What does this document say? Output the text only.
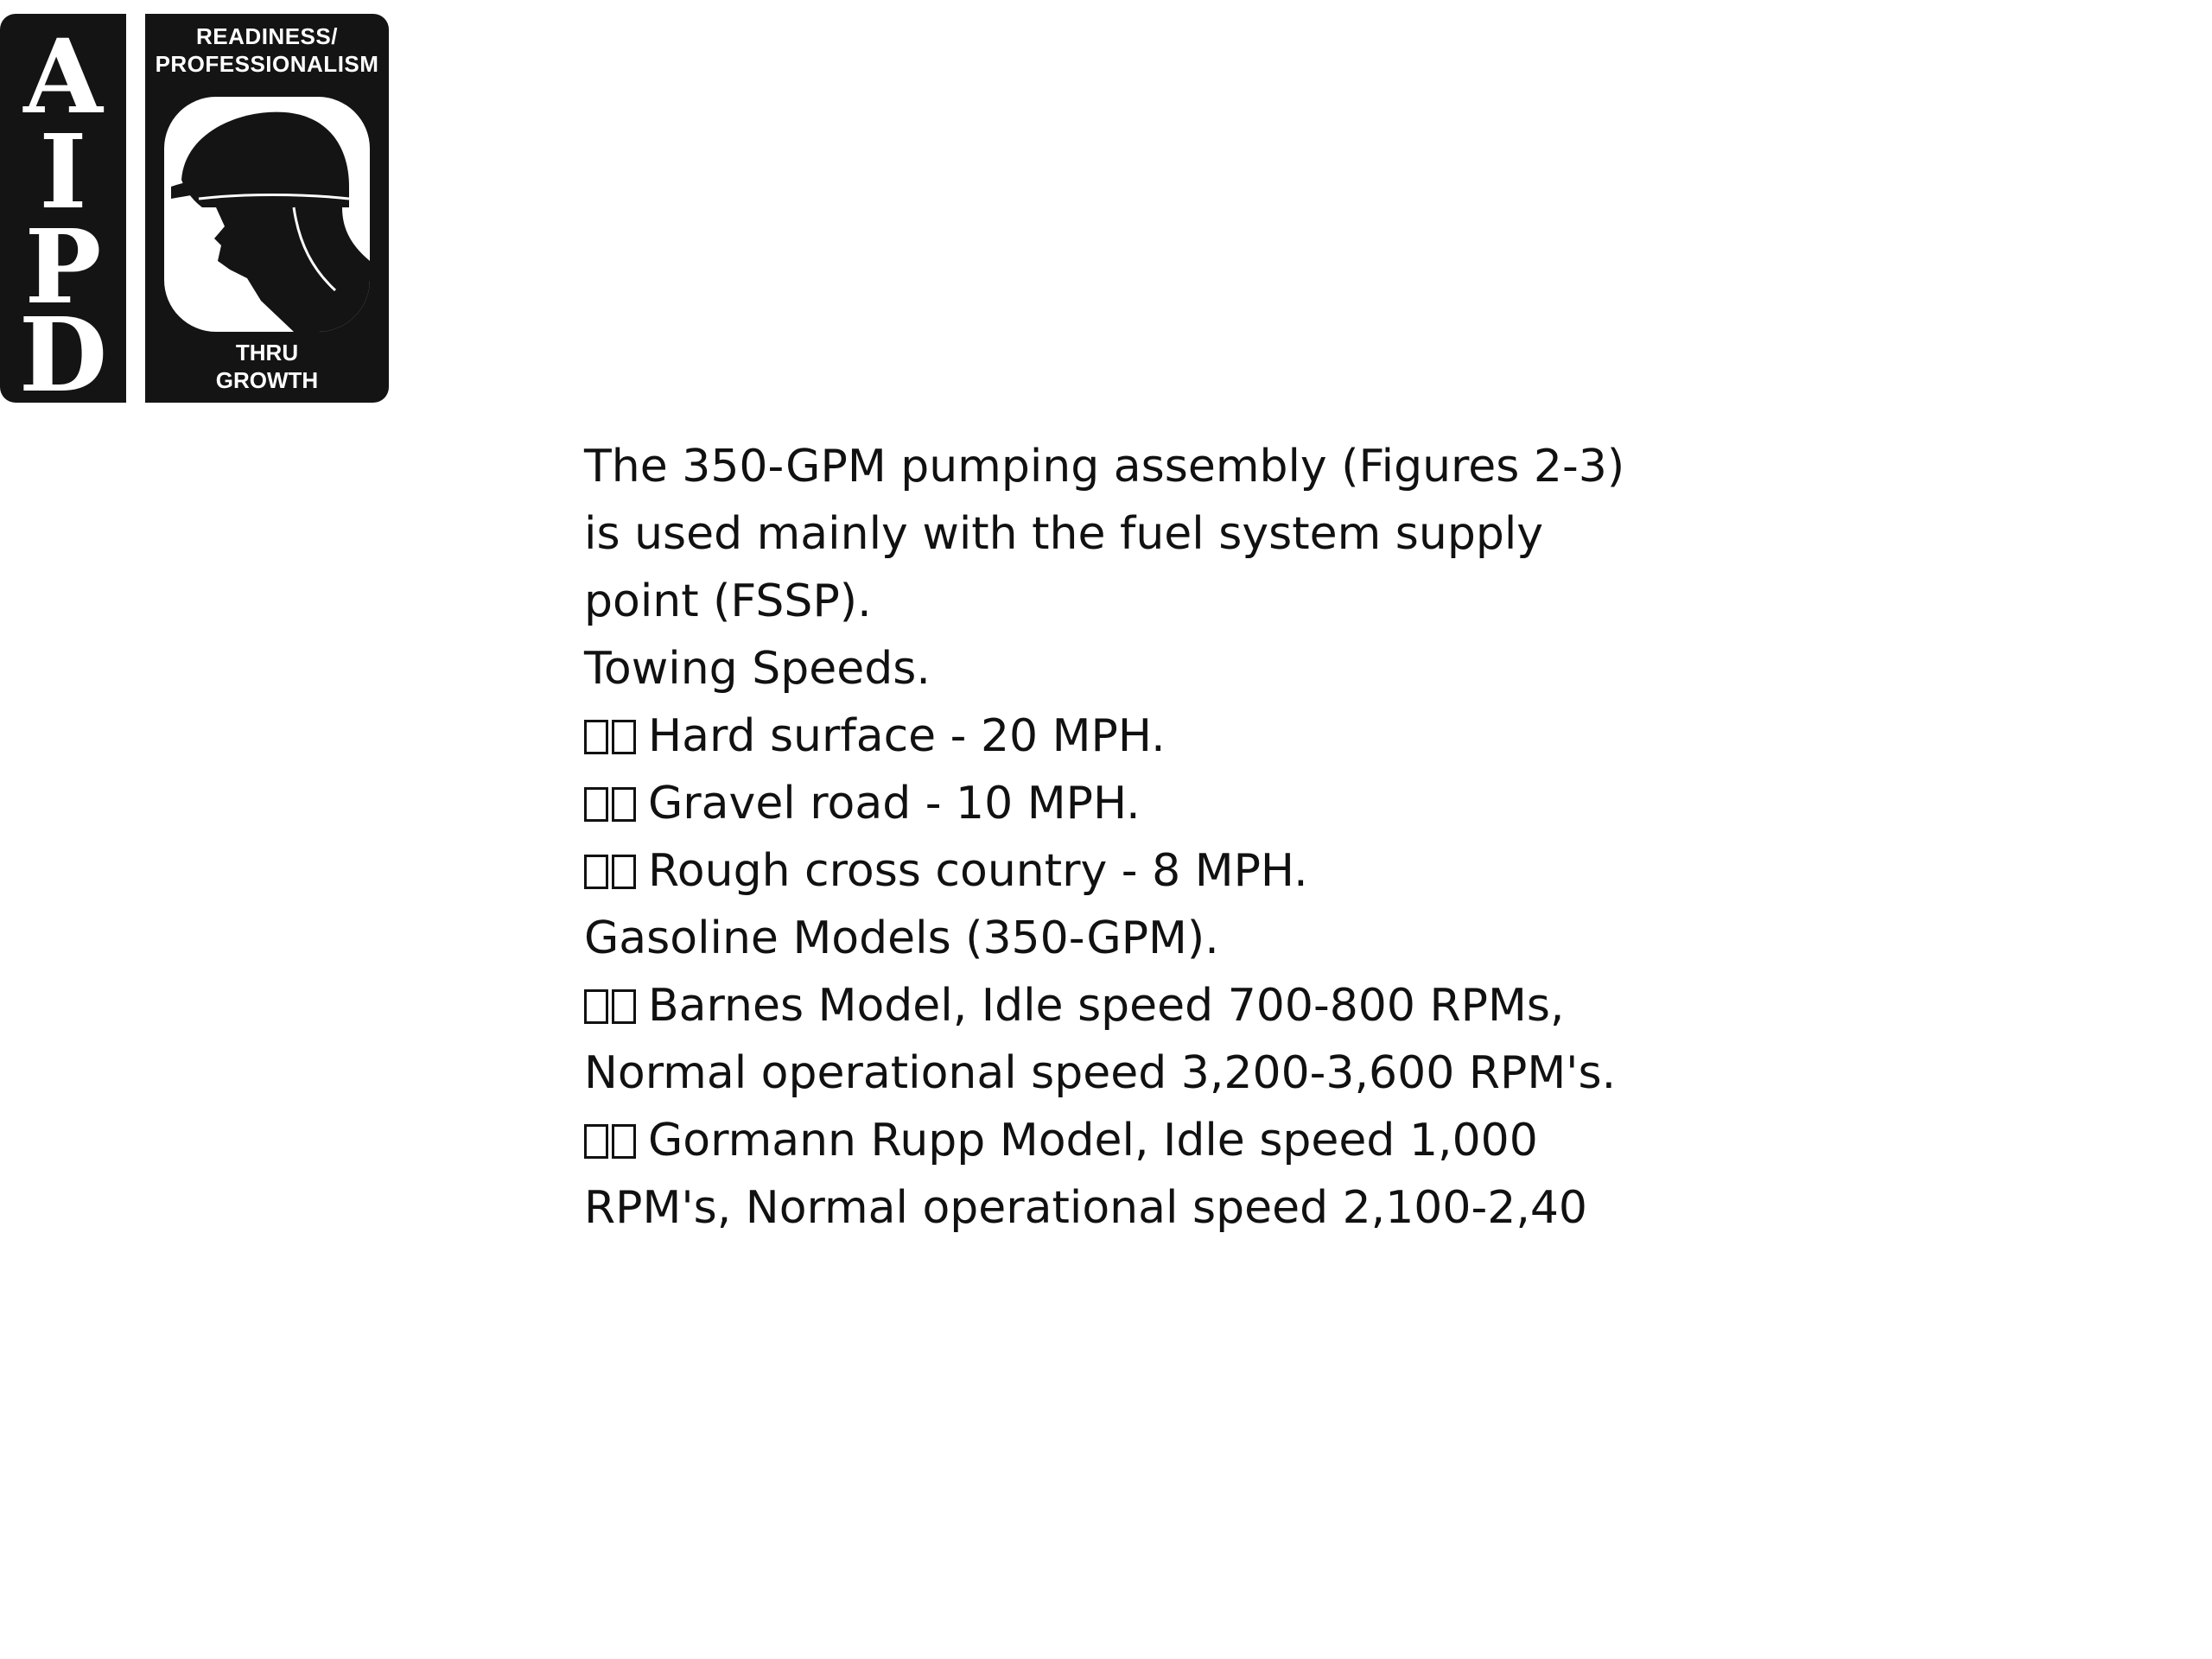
A
I
P
D
READINESS/
PROFESSIONALISM
THRU
GROWTH
The 350-GPM pumping assembly (Figures 2-3)
is used mainly with the fuel system supply
point (FSSP).
Towing Speeds.
Hard surface - 20 MPH.
Gravel road - 10 MPH.
Rough cross country - 8 MPH.
Gasoline Models (350-GPM).
Barnes Model, Idle speed 700-800 RPMs,
Normal operational speed 3,200-3,600 RPM's.
Gormann Rupp Model, Idle speed 1,000
RPM's, Normal operational speed 2,100-2,40
